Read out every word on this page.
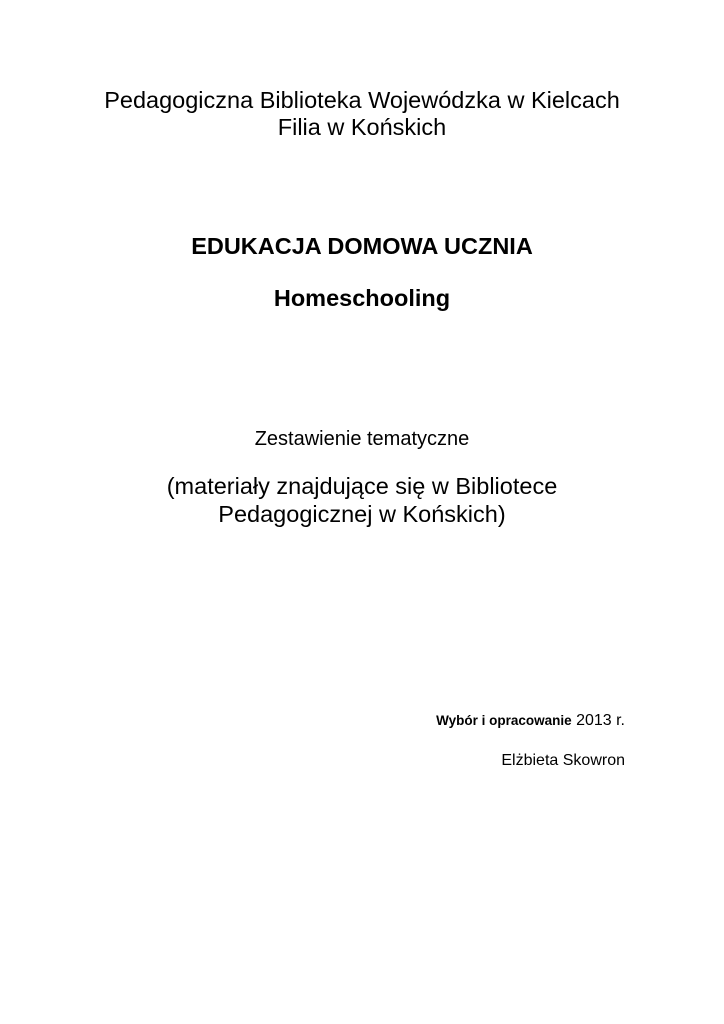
Pedagogiczna Biblioteka Wojewódzka w Kielcach
Filia w Końskich
EDUKACJA DOMOWA UCZNIA
Homeschooling
Zestawienie tematyczne
(materiały znajdujące się w Bibliotece
Pedagogicznej w Końskich)
Wybór i opracowanie 2013 r.
Elżbieta Skowron
